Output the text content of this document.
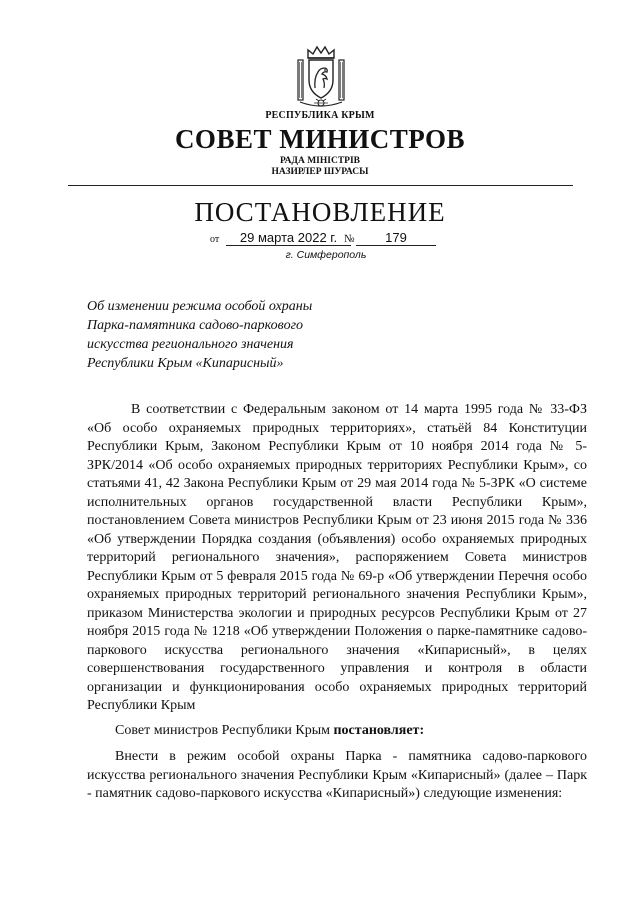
РЕСПУБЛИКА КРЫМ
СОВЕТ МИНИСТРОВ
РАДА МІНІСТРІВ
НАЗИРЛЕР ШУРАСЫ
ПОСТАНОВЛЕНИЕ
от	29 марта 2022 г. №	179
г. Симферополь
Об изменении режима особой охраны
Парка-памятника садово-паркового
искусства регионального значения
Республики Крым «Кипарисный»
В соответствии с Федеральным законом от 14 марта 1995 года № 33-ФЗ «Об особо охраняемых природных территориях», статьёй 84 Конституции Республики Крым, Законом Республики Крым от 10 ноября 2014 года № 5-ЗРК/2014 «Об особо охраняемых природных территориях Республики Крым», со статьями 41, 42 Закона Республики Крым от 29 мая 2014 года № 5-ЗРК «О системе исполнительных органов государственной власти Республики Крым», постановлением Совета министров Республики Крым от 23 июня 2015 года № 336 «Об утверждении Порядка создания (объявления) особо охраняемых природных территорий регионального значения», распоряжением Совета министров Республики Крым от 5 февраля 2015 года № 69-р «Об утверждении Перечня особо охраняемых природных территорий регионального значения Республики Крым», приказом Министерства экологии и природных ресурсов Республики Крым от 27 ноября 2015 года № 1218 «Об утверждении Положения о парке-памятнике садово-паркового искусства регионального значения «Кипарисный», в целях совершенствования государственного управления и контроля в области организации и функционирования особо охраняемых природных территорий Республики Крым
Совет министров Республики Крым постановляет:
Внести в режим особой охраны Парка - памятника садово-паркового искусства регионального значения Республики Крым «Кипарисный» (далее – Парк - памятник садово-паркового искусства «Кипарисный») следующие изменения:
